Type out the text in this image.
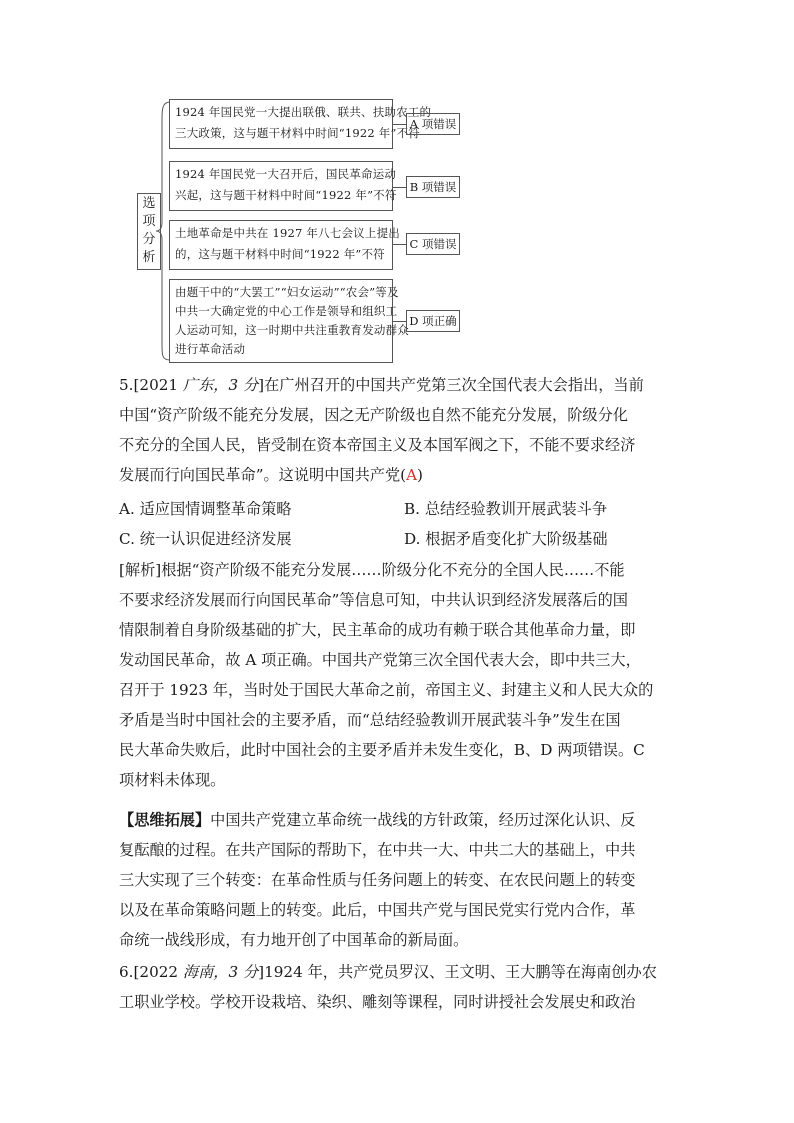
选
项
分
析
1924 年国民党一大提出联俄、联共、扶助农工的
三大政策，这与题干材料中时间“1922 年”不符
A 项错误
1924 年国民党一大召开后，国民革命运动
兴起，这与题干材料中时间“1922 年”不符
B 项错误
土地革命是中共在 1927 年八七会议上提出
的，这与题干材料中时间“1922 年”不符
C 项错误
由题干中的“大罢工”“妇女运动”“农会”等及
中共一大确定党的中心工作是领导和组织工
人运动可知，这一时期中共注重教育发动群众
进行革命活动
D 项正确
5.[2021 广东，3 分]在广州召开的中国共产党第三次全国代表大会指出，当前
中国“资产阶级不能充分发展，因之无产阶级也自然不能充分发展，阶级分化
不充分的全国人民，皆受制在资本帝国主义及本国军阀之下，不能不要求经济
发展而行向国民革命”。这说明中国共产党(A)
A. 适应国情调整革命策略	B. 总结经验教训开展武装斗争
C. 统一认识促进经济发展	D. 根据矛盾变化扩大阶级基础
[解析]根据“资产阶级不能充分发展……阶级分化不充分的全国人民……不能
不要求经济发展而行向国民革命”等信息可知，中共认识到经济发展落后的国
情限制着自身阶级基础的扩大，民主革命的成功有赖于联合其他革命力量，即
发动国民革命，故 A 项正确。中国共产党第三次全国代表大会，即中共三大，
召开于 1923 年，当时处于国民大革命之前，帝国主义、封建主义和人民大众的
矛盾是当时中国社会的主要矛盾，而“总结经验教训开展武装斗争”发生在国
民大革命失败后，此时中国社会的主要矛盾并未发生变化，B、D 两项错误。C
项材料未体现。
【思维拓展】中国共产党建立革命统一战线的方针政策，经历过深化认识、反
复酝酿的过程。在共产国际的帮助下，在中共一大、中共二大的基础上，中共
三大实现了三个转变：在革命性质与任务问题上的转变、在农民问题上的转变
以及在革命策略问题上的转变。此后，中国共产党与国民党实行党内合作，革
命统一战线形成，有力地开创了中国革命的新局面。
6.[2022 海南，3 分]1924 年，共产党员罗汉、王文明、王大鹏等在海南创办农
工职业学校。学校开设栽培、染织、雕刻等课程，同时讲授社会发展史和政治
